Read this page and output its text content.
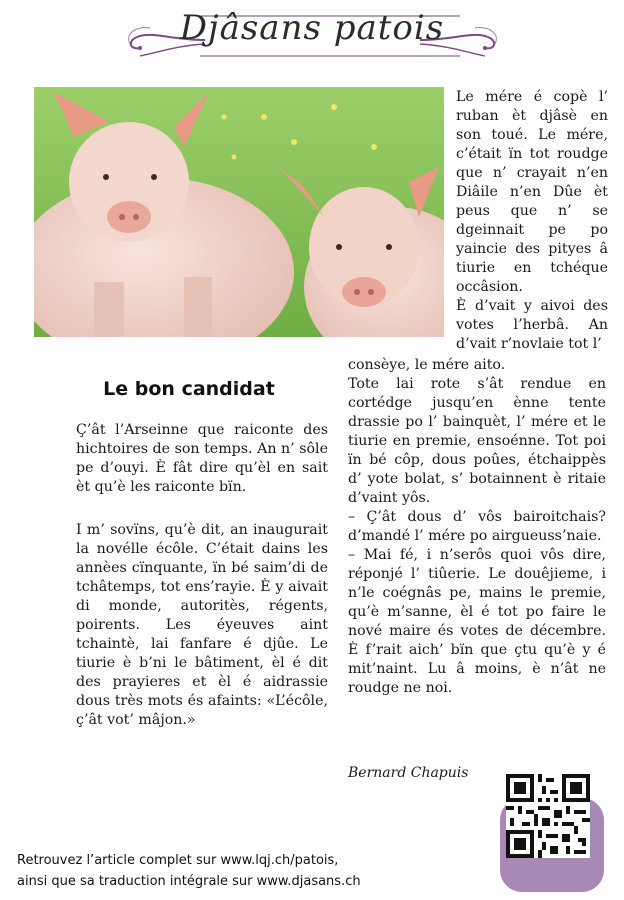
Djâsans patois

Le mére é copè l’ ruban èt djâsè en son toué. Le mére, c’était ïn tot roudge que n’ crayait n’en Diâile n’en Dûe èt peus que n’ se dgeinnait pe po yaincie des pityes â tiurie en tchéque occâsion.

È d’vait y aivoi des votes l’herbâ. An d’vait r’novlaie tot l’

Le bon candidat

Ç’ât l’Arseinne que raiconte des hichtoires de son temps. An n’ sôle pe d’ouyi. È fât dire qu’èl en sait èt qu’è les raiconte bïn.

I m’ sovïns, qu’è dit, an inaugurait la novélle écôle. C’était dains les annèes cïnquante, ïn bé saim’di de tchâtemps, tot ens’rayie. È y aivait di monde, autoritès, régents, poirents. Les éyeuves aint tchaintè, lai fanfare é djûe. Le tiurie è b’ni le bâtiment, èl é dit des prayieres et èl é aidrassie dous très mots és afaints: «L’écôle, ç’ât vot’ mâjon.»

consèye, le mére aito.

Tote lai rote s’ât rendue en cortédge jusqu’en ènne tente drassie po l’ bainquèt, l’ mére et le tiurie en premie, ensoénne. Tot poi ïn bé côp, dous poûes, étchaippès d’ yote bolat, s’ botainnent è ritaie d’vaint yôs.

– Ç’ât dous d’ vôs bairoitchais? d’mandé l’ mére po airgueuss’naie.

– Mai fé, i n’serôs quoi vôs dire, réponjé l’ tiûerie. Le douêjieme, i n’le coégnâs pe, mains le premie, qu’è m’sanne, èl é tot po faire le nové maire és votes de décembre. È f’rait aich’ bïn que çtu qu’è y é mit’naint. Lu â moins, è n’ât ne roudge ne noi.

Bernard Chapuis
Retrouvez l’article complet sur www.lqj.ch/patois,
ainsi que sa traduction intégrale sur www.djasans.ch
